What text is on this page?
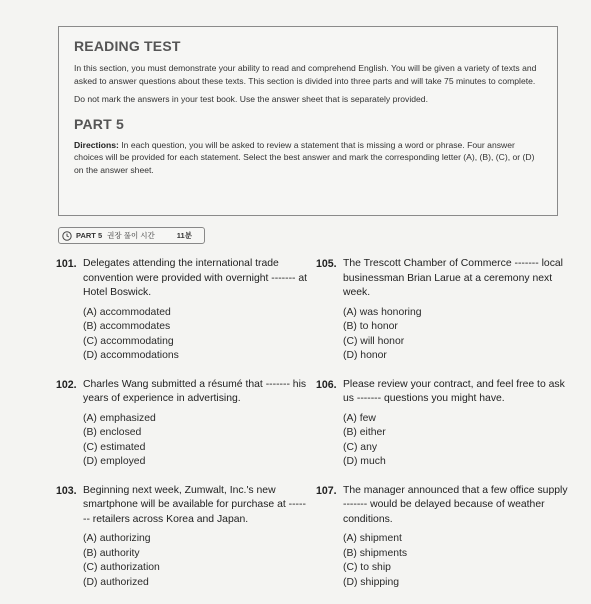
READING TEST

In this section, you must demonstrate your ability to read and comprehend English. You will be given a variety of texts and asked to answer questions about these texts. This section is divided into three parts and will take 75 minutes to complete.

Do not mark the answers in your test book. Use the answer sheet that is separately provided.

PART 5

Directions: In each question, you will be asked to review a statement that is missing a word or phrase. Four answer choices will be provided for each statement. Select the best answer and mark the corresponding letter (A), (B), (C), or (D) on the answer sheet.

PART 5 권장 풀이 시간	11분
101. Delegates attending the international trade convention were provided with overnight ------- at Hotel Boswick.
(A) accommodated
(B) accommodates
(C) accommodating
(D) accommodations
102. Charles Wang submitted a résumé that ------- his years of experience in advertising.
(A) emphasized
(B) enclosed
(C) estimated
(D) employed
103. Beginning next week, Zumwalt, Inc.'s new smartphone will be available for purchase at ------- retailers across Korea and Japan.
(A) authorizing
(B) authority
(C) authorization
(D) authorized
105. The Trescott Chamber of Commerce ------- local businessman Brian Larue at a ceremony next week.
(A) was honoring
(B) to honor
(C) will honor
(D) honor
106. Please review your contract, and feel free to ask us ------- questions you might have.
(A) few
(B) either
(C) any
(D) much
107. The manager announced that a few office supply ------- would be delayed because of weather conditions.
(A) shipment
(B) shipments
(C) to ship
(D) shipping
